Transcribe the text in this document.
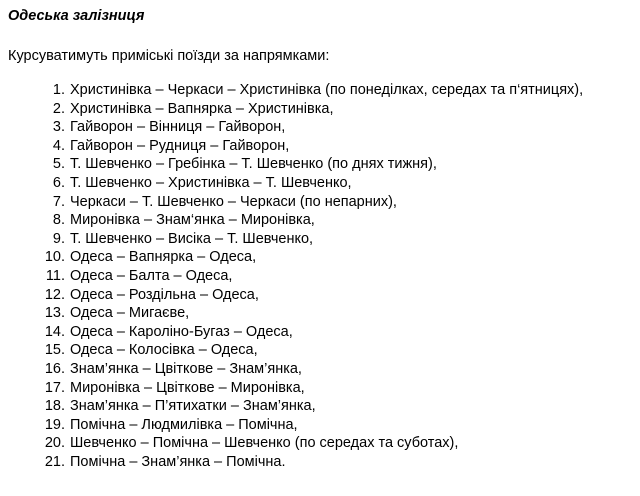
Одеська залізниця

Курсуватимуть приміські поїзди за напрямками:

1. Христинівка – Черкаси – Христинівка (по понеділках, середах та п‘ятницях),
2. Христинівка – Вапнярка – Христинівка,
3. Гайворон – Вінниця – Гайворон,
4. Гайворон – Рудниця – Гайворон,
5. Т. Шевченко – Гребінка – Т. Шевченко (по днях тижня),
6. Т. Шевченко – Христинівка – Т. Шевченко,
7. Черкаси – Т. Шевченко – Черкаси (по непарних),
8. Миронівка – Знам‘янка – Миронівка,
9. Т. Шевченко – Висіка – Т. Шевченко,
10. Одеса – Вапнярка – Одеса,
11. Одеса – Балта – Одеса,
12. Одеса – Роздільна – Одеса,
13. Одеса – Мигаєве,
14. Одеса – Кароліно-Бугаз – Одеса,
15. Одеса – Колосівка – Одеса,
16. Знам’янка – Цвіткове – Знам’янка,
17. Миронівка – Цвіткове – Миронівка,
18. Знам’янка – П’ятихатки – Знам’янка,
19. Помічна – Людмилівка – Помічна,
20. Шевченко – Помічна – Шевченко (по середах та суботах),
21. Помічна – Знам’янка – Помічна.
